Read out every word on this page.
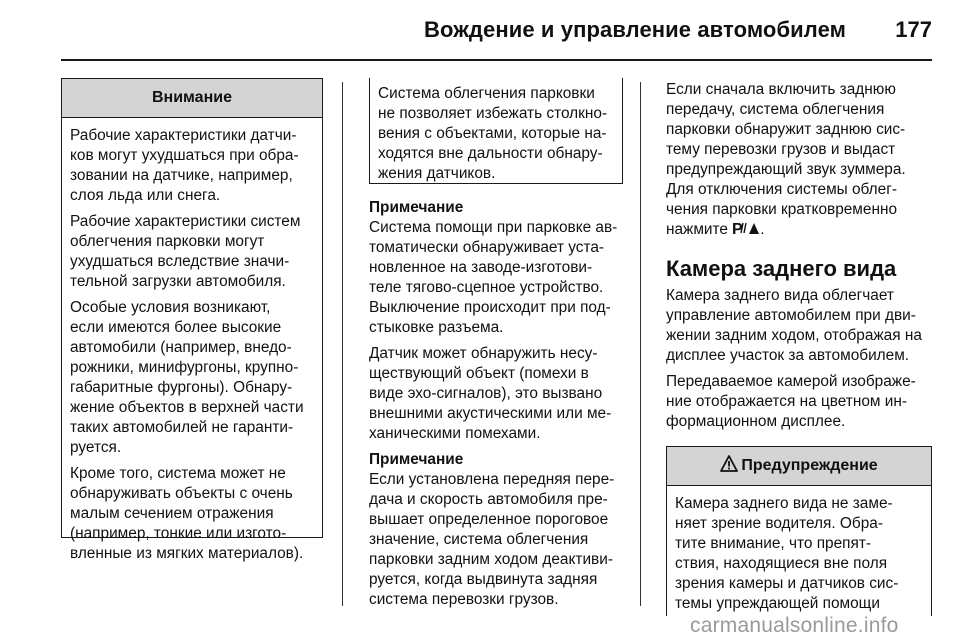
Вождение и управление автомобилем	177
Внимание

Рабочие характеристики датчи-
ков могут ухудшаться при обра-
зовании на датчике, например,
слоя льда или снега.

Рабочие характеристики систем
облегчения парковки могут
ухудшаться вследствие значи-
тельной загрузки автомобиля.

Особые условия возникают,
если имеются более высокие
автомобили (например, внедо-
рожники, минифургоны, крупно-
габаритные фургоны). Обнару-
жение объектов в верхней части
таких автомобилей не гаранти-
руется.

Кроме того, система может не
обнаруживать объекты с очень
малым сечением отражения
(например, тонкие или изгото-
вленные из мягких материалов).

Система облегчения парковки
не позволяет избежать столкно-
вения с объектами, которые на-
ходятся вне дальности обнару-
жения датчиков.
Примечание

Система помощи при парковке ав-
томатически обнаруживает уста-
новленное на заводе-изготови-
теле тягово-сцепное устройство.
Выключение происходит при под-
стыковке разъема.

Датчик может обнаружить несу-
ществующий объект (помехи в
виде эхо-сигналов), это вызвано
внешними акустическими или ме-
ханическими помехами.

Примечание
Если установлена передняя пере-
дача и скорость автомобиля пре-
вышает определенное пороговое
значение, система облегчения
парковки задним ходом деактиви-
руется, когда выдвинута задняя
система перевозки грузов.
Если сначала включить заднюю
передачу, система облегчения
парковки обнаружит заднюю сис-
тему перевозки грузов и выдаст
предупреждающий звук зуммера.
Для отключения системы облег-
чения парковки кратковременно
нажмите P .
Камера заднего вида
Камера заднего вида облегчает
управление автомобилем при дви-
жении задним ходом, отображая на
дисплее участок за автомобилем.
Передаваемое камерой изображе-
ние отображается на цветном ин-
формационном дисплее.
Предупреждение
Камера заднего вида не заме-
няет зрение водителя. Обра-
тите внимание, что препят-
ствия, находящиеся вне поля
зрения камеры и датчиков сис-
темы упреждающей помощи
carmanualsonline.info
